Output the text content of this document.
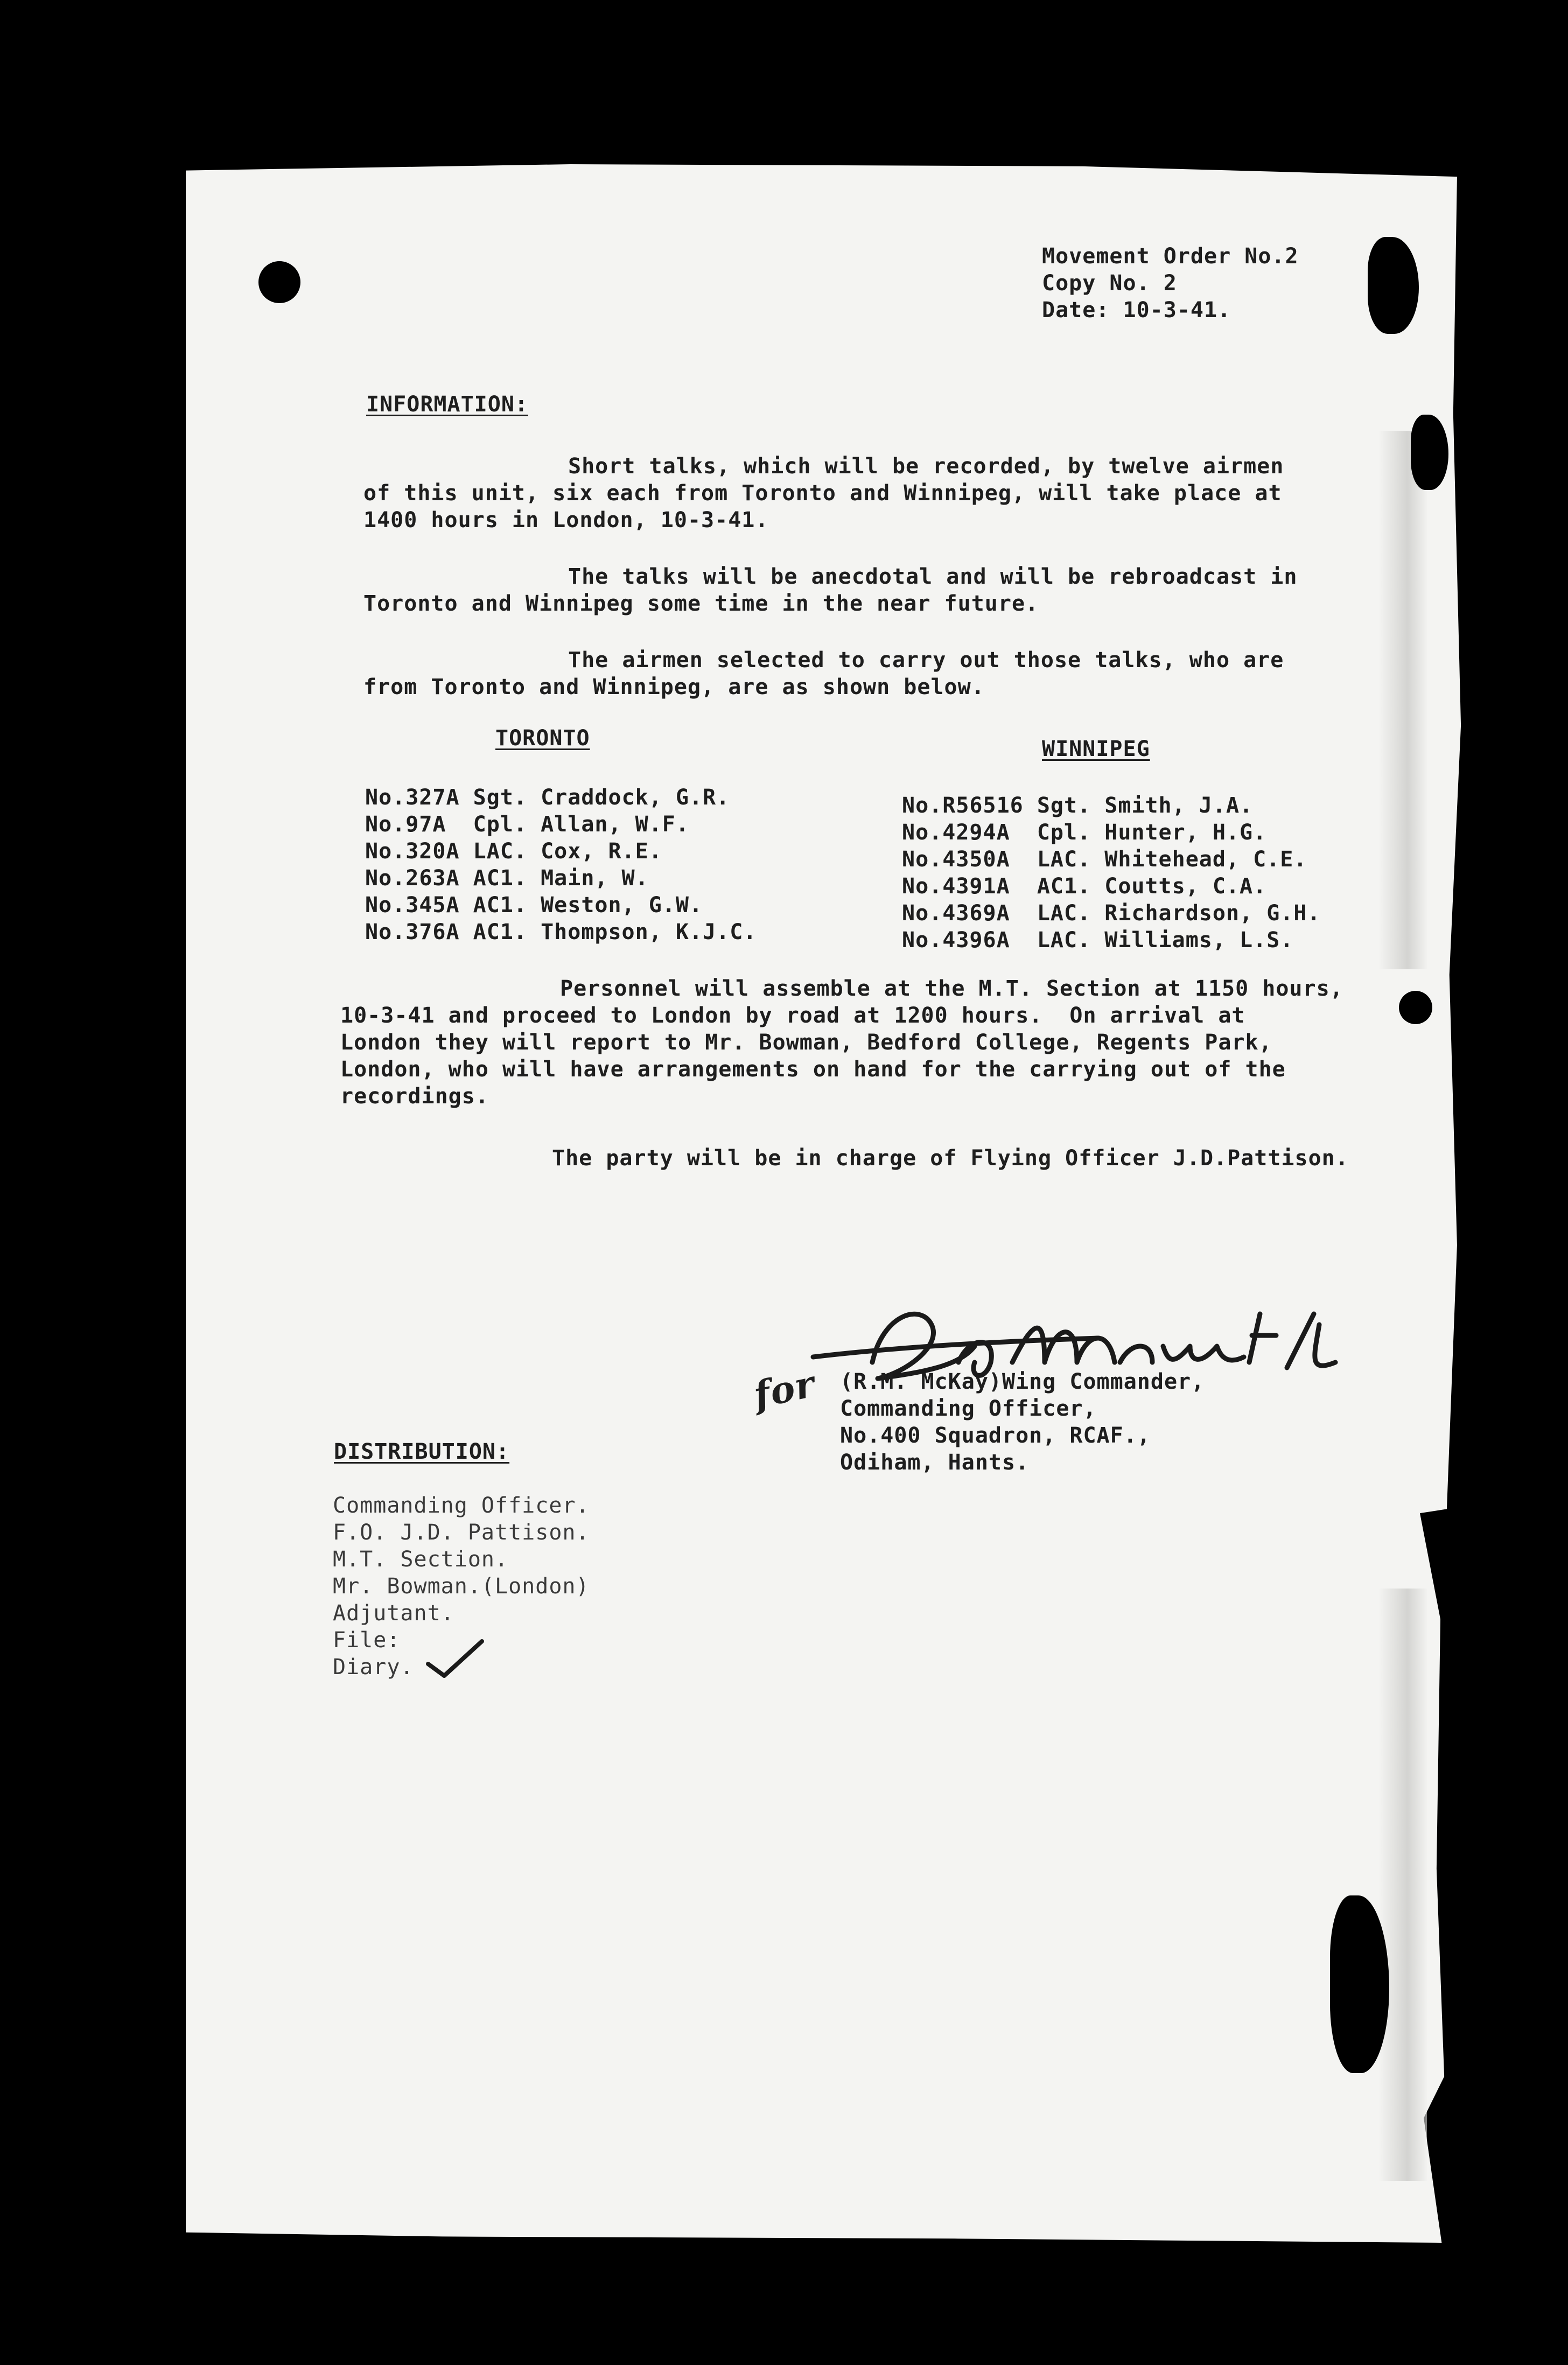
Movement Order No.2
Copy No. 2
Date: 10-3-41.
INFORMATION:
Short talks, which will be recorded, by twelve airmen
of this unit, six each from Toronto and Winnipeg, will take place at
1400 hours in London, 10-3-41.
The talks will be anecdotal and will be rebroadcast in
Toronto and Winnipeg some time in the near future.
The airmen selected to carry out those talks, who are
from Toronto and Winnipeg, are as shown below.
TORONTO	WINNIPEG
No.327A Sgt. Craddock, G.R.
No.97A  Cpl. Allan, W.F.
No.320A LAC. Cox, R.E.
No.263A AC1. Main, W.
No.345A AC1. Weston, G.W.
No.376A AC1. Thompson, K.J.C.
No.R56516 Sgt. Smith, J.A.
No.4294A  Cpl. Hunter, H.G.
No.4350A  LAC. Whitehead, C.E.
No.4391A  AC1. Coutts, C.A.
No.4369A  LAC. Richardson, G.H.
No.4396A  LAC. Williams, L.S.
Personnel will assemble at the M.T. Section at 1150 hours,
10-3-41 and proceed to London by road at 1200 hours.  On arrival at
London they will report to Mr. Bowman, Bedford College, Regents Park,
London, who will have arrangements on hand for the carrying out of the
recordings.
The party will be in charge of Flying Officer J.D.Pattison.
for (R.M. McKay)Wing Commander,
Commanding Officer,
No.400 Squadron, RCAF.,
Odiham, Hants.
DISTRIBUTION:
Commanding Officer.
F.O. J.D. Pattison.
M.T. Section.
Mr. Bowman.(London)
Adjutant.
File:
Diary.
